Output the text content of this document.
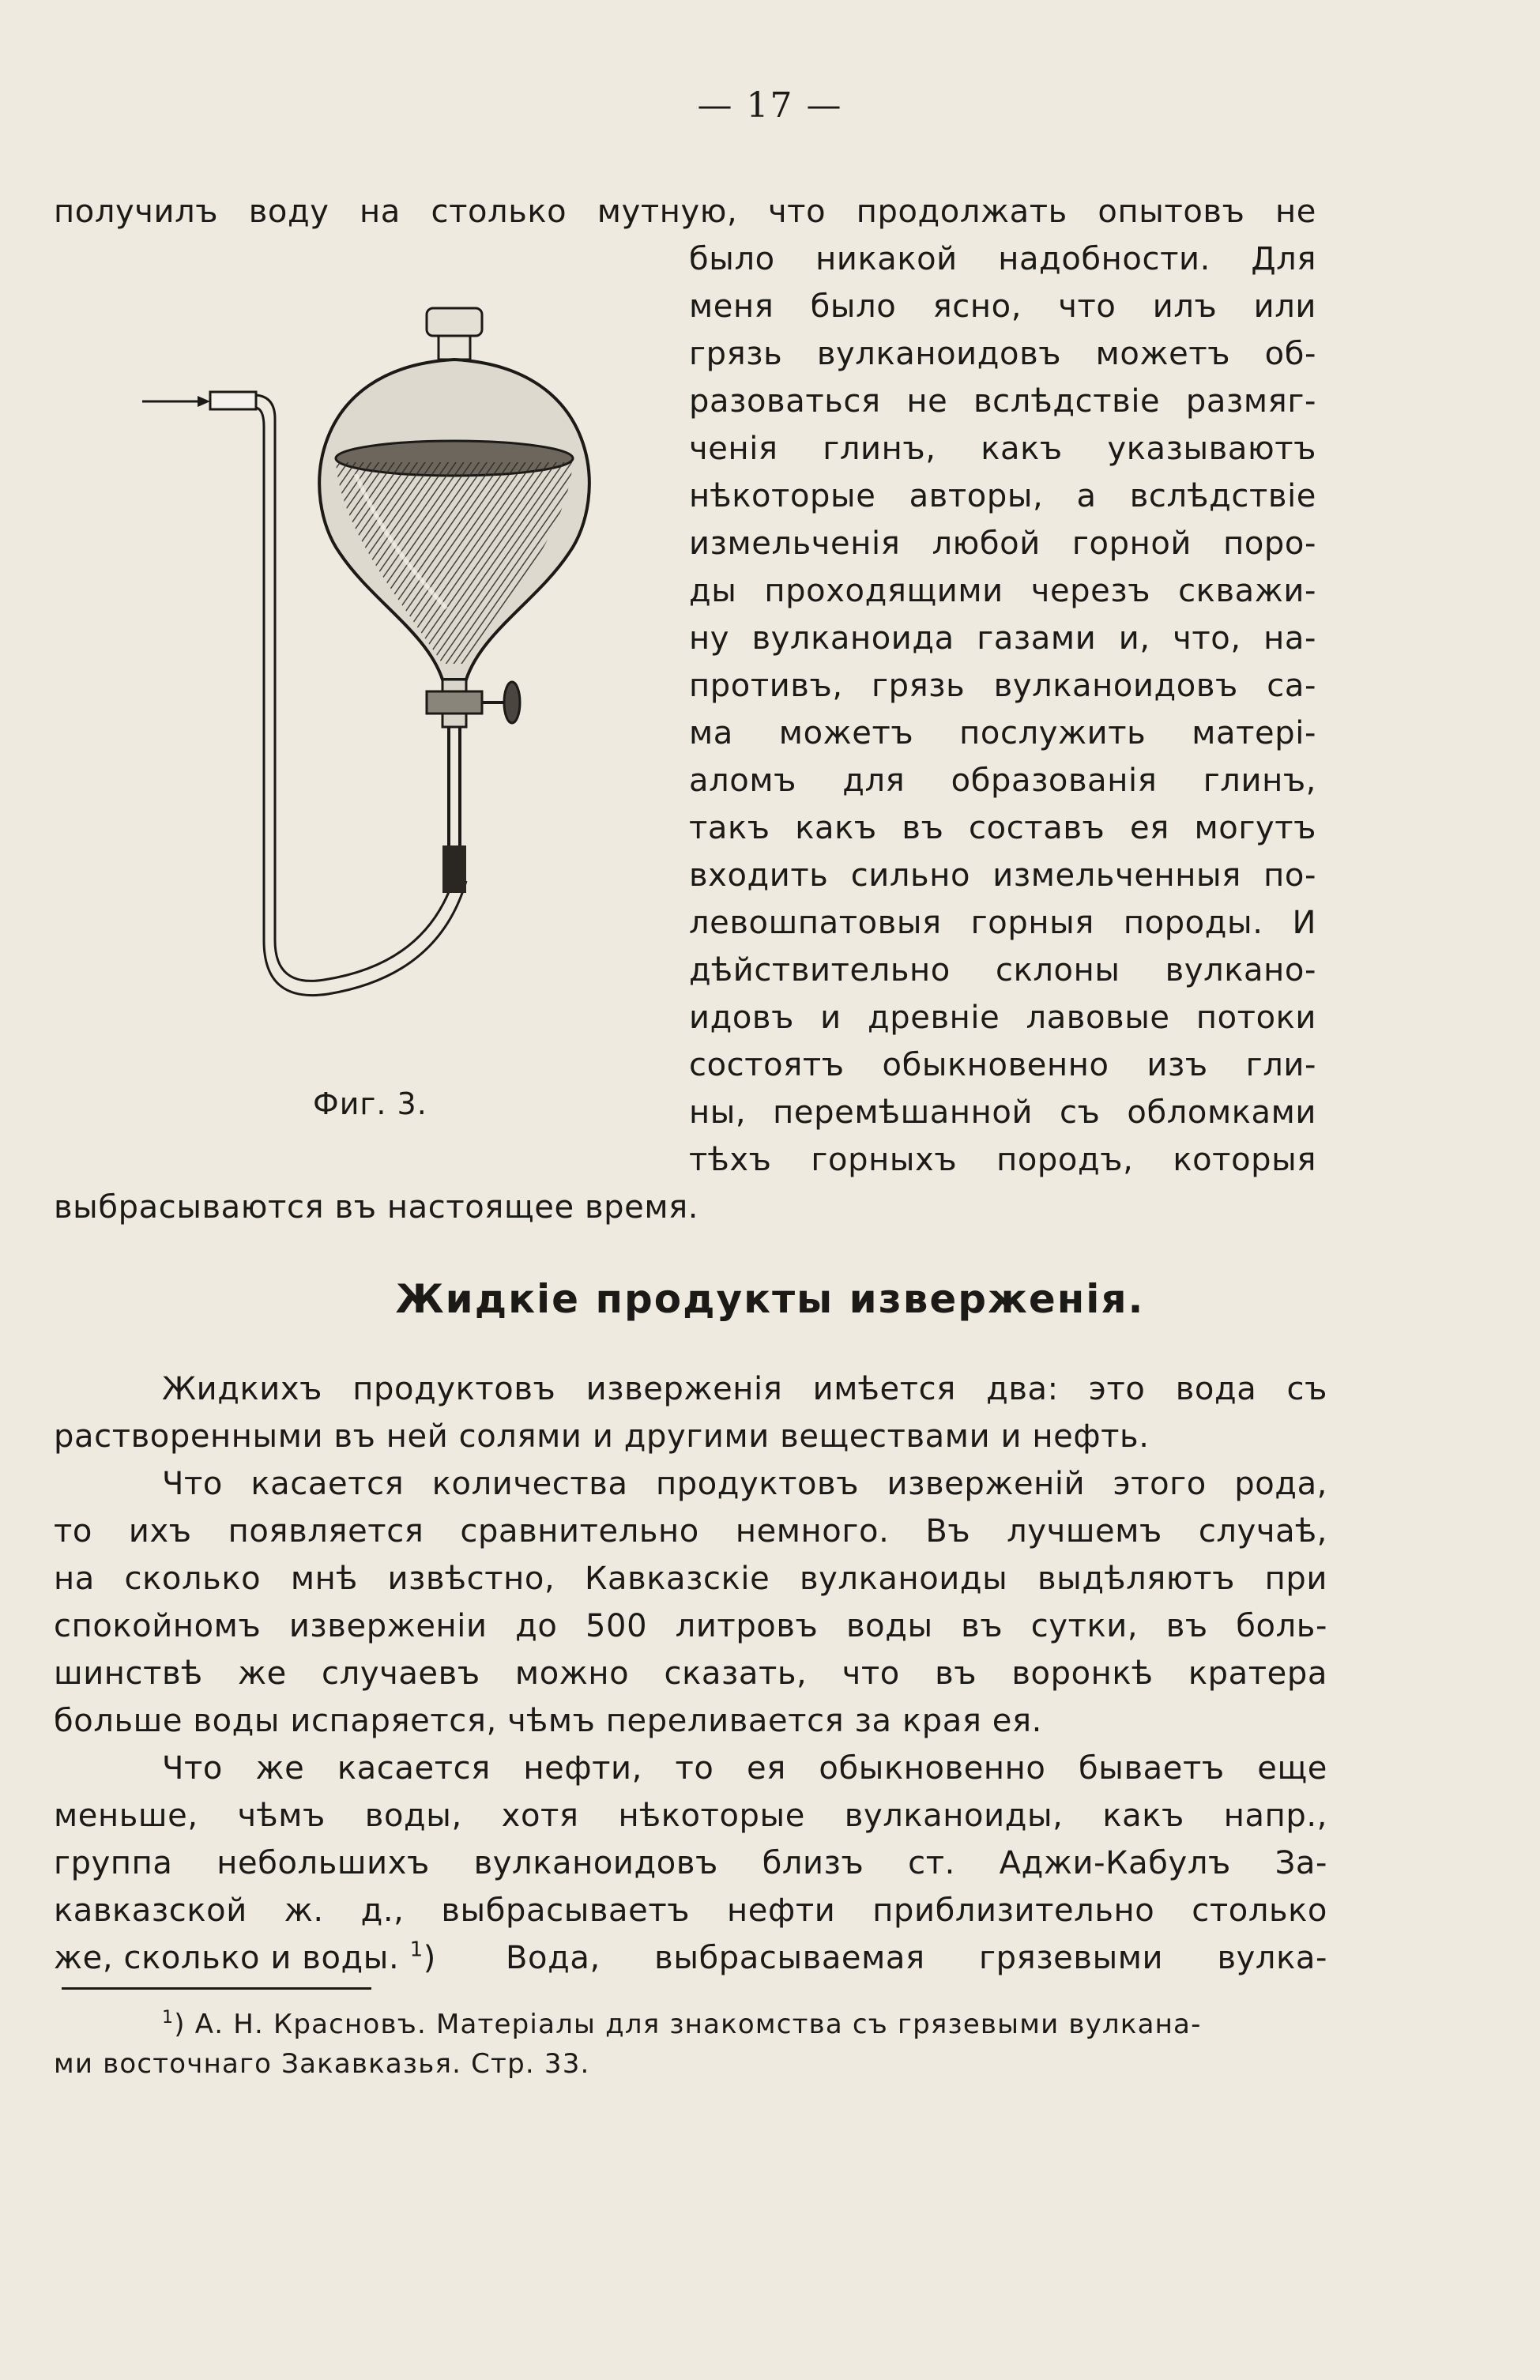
— 17 —
получилъ воду на столько мутную, что продолжать опытовъ не
было никакой надобности. Для
меня было ясно, что илъ или
грязь вулканоидовъ можетъ об-
разоваться не вслѣдствіе размяг-
ченія глинъ, какъ указываютъ
нѣкоторые авторы, а вслѣдствіе
измельченія любой горной поро-
ды проходящими черезъ скважи-
ну вулканоида газами и, что, на-
противъ, грязь вулканоидовъ са-
ма можетъ послужить матері-
аломъ для образованія глинъ,
такъ какъ въ составъ ея могутъ
входить сильно измельченныя по-
левошпатовыя горныя породы. И
дѣйствительно склоны вулкано-
идовъ и древніе лавовые потоки
состоятъ обыкновенно изъ гли-
ны, перемѣшанной съ обломками
тѣхъ горныхъ породъ, которыя
выбрасываются въ настоящее время.
Фиг. 3.
Жидкіе продукты изверженія.
Жидкихъ продуктовъ изверженія имѣется два: это вода съ
растворенными въ ней солями и другими веществами и нефть.
Что касается количества продуктовъ изверженій этого рода,
то ихъ появляется сравнительно немного. Въ лучшемъ случаѣ,
на сколько мнѣ извѣстно, Кавказскіе вулканоиды выдѣляютъ при
спокойномъ изверженіи до 500 литровъ воды въ сутки, въ боль-
шинствѣ же случаевъ можно сказать, что въ воронкѣ кратера
больше воды испаряется, чѣмъ переливается за края ея.
Что же касается нефти, то ея обыкновенно бываетъ еще
меньше, чѣмъ воды, хотя нѣкоторые вулканоиды, какъ напр.,
группа небольшихъ вулканоидовъ близъ ст. Аджи-Кабулъ За-
кавказской ж. д., выбрасываетъ нефти приблизительно столько
же, сколько и воды. $^1$) Вода, выбрасываемая грязевыми вулка-
$^1$) А. Н. Красновъ. Матеріалы для знакомства съ грязевыми вулкана-
ми восточнаго Закавказья. Стр. 33.
